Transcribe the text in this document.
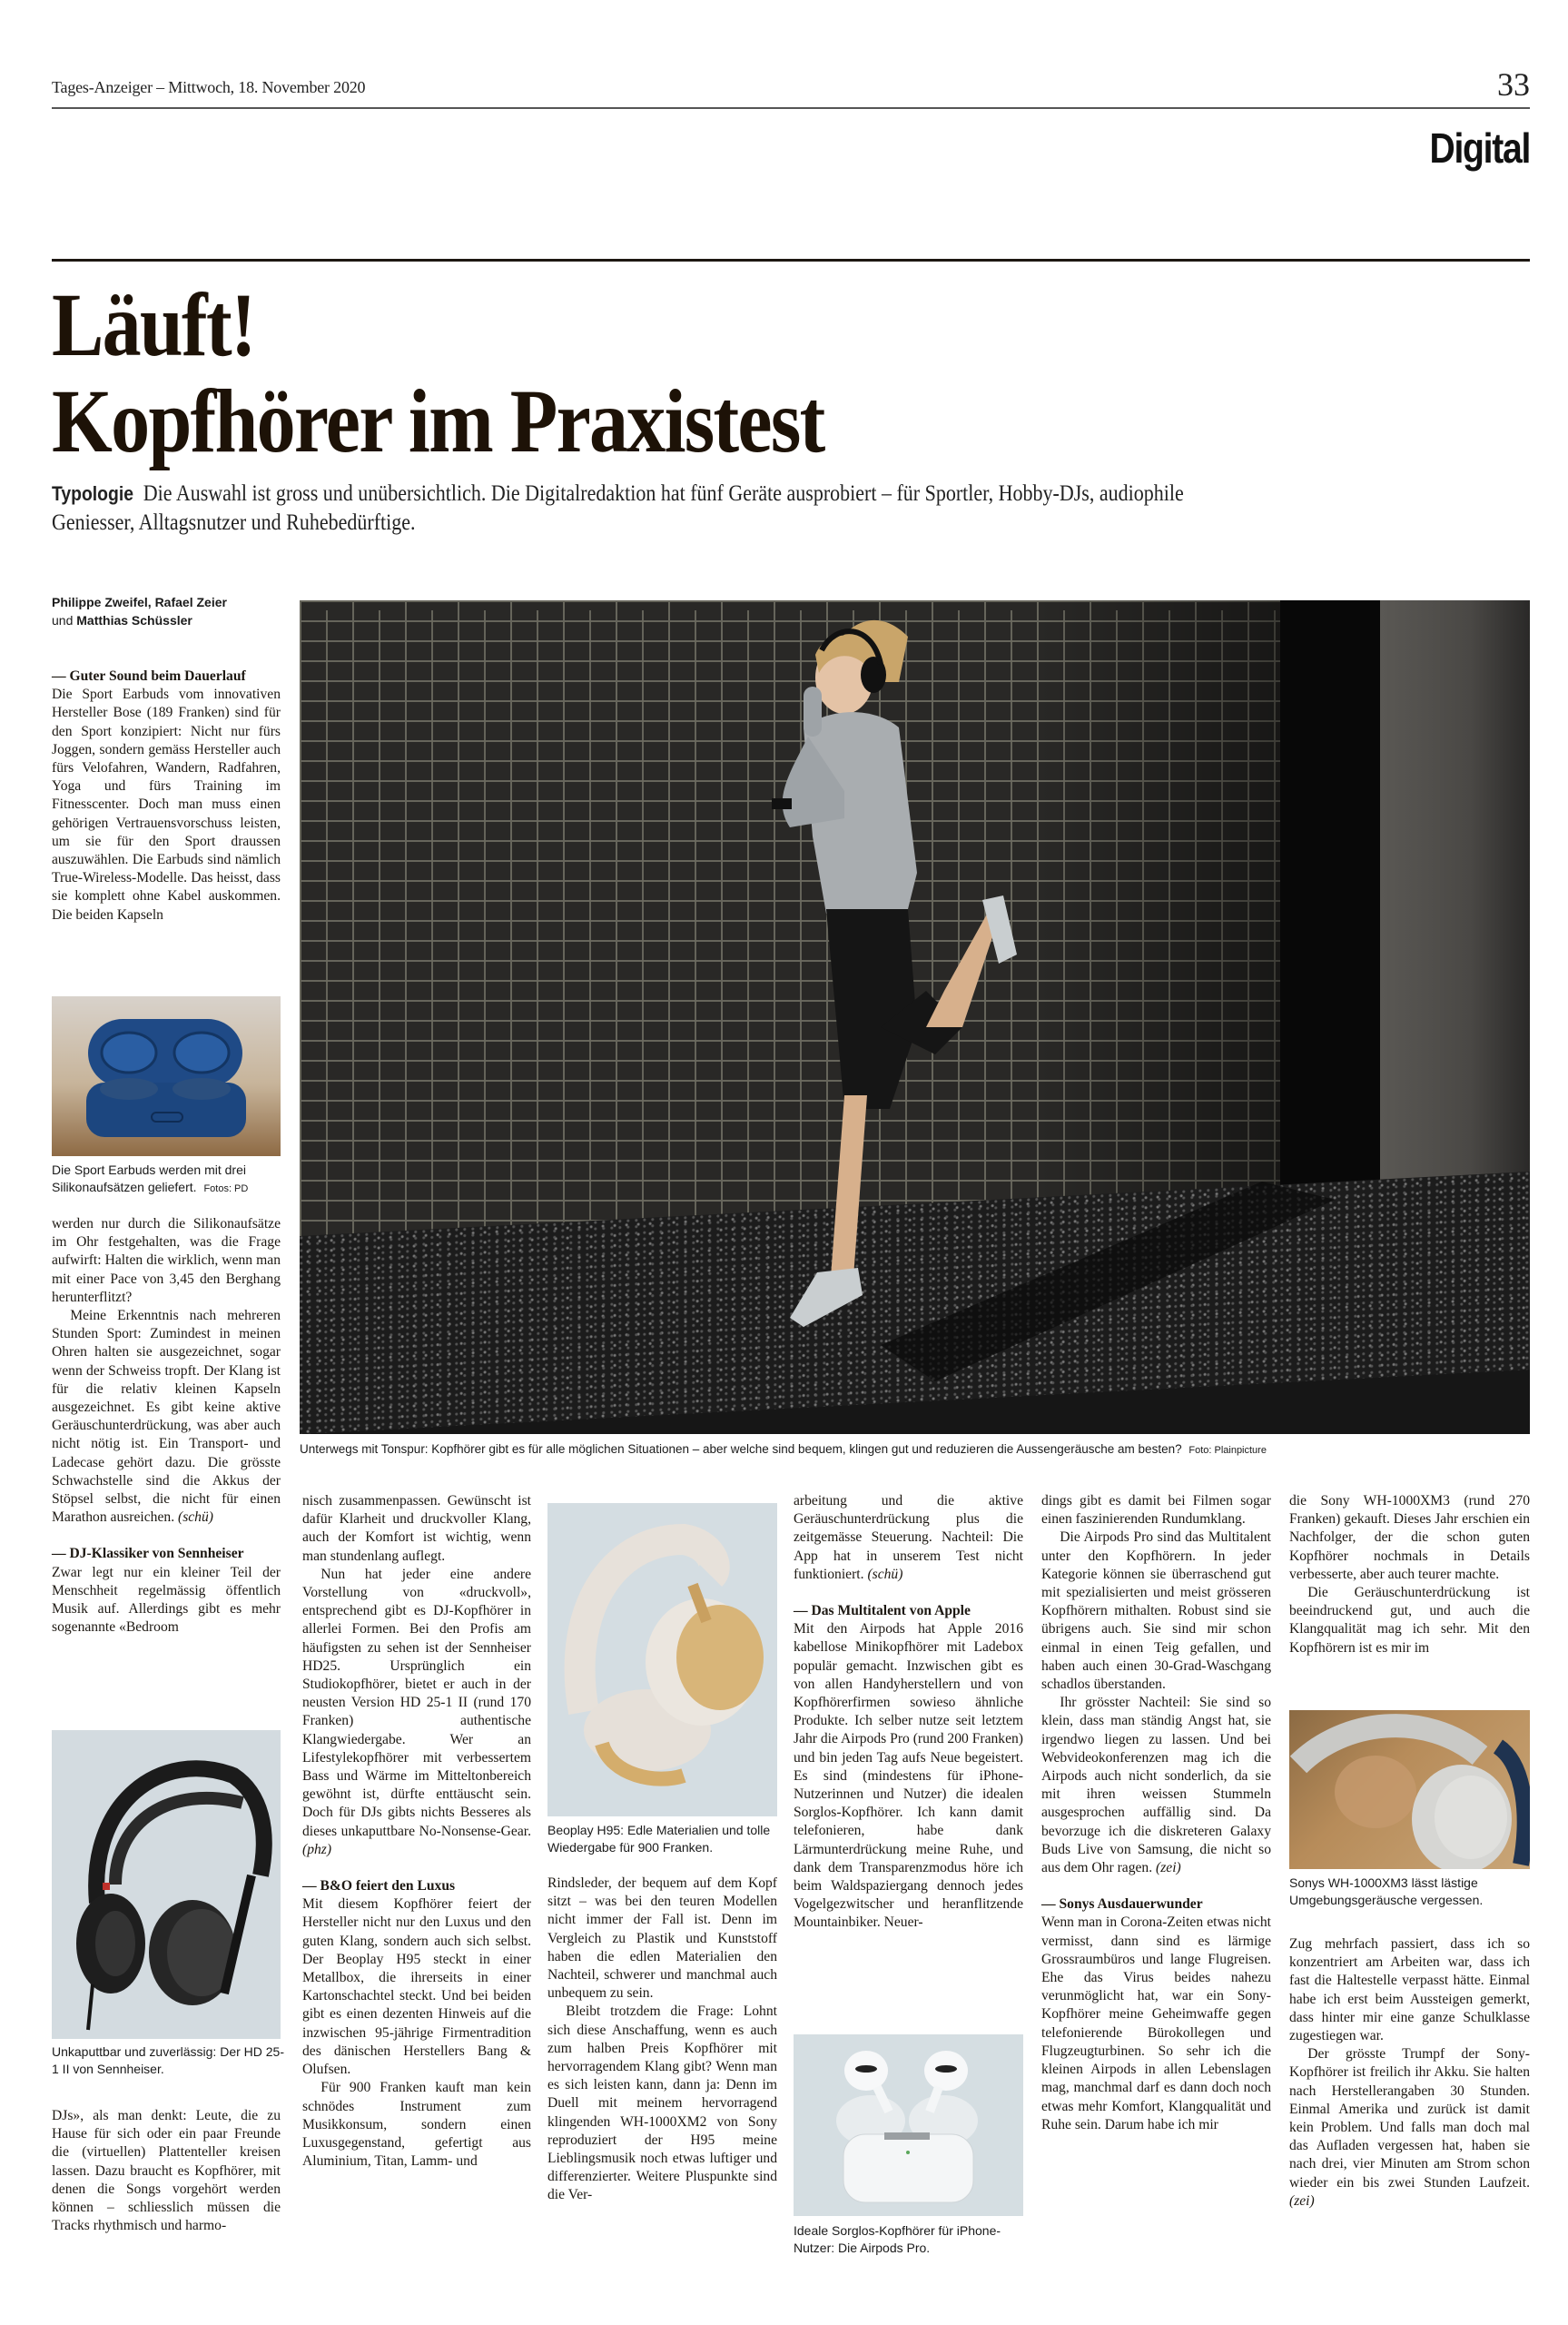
Tages-Anzeiger – Mittwoch, 18. November 2020	33
Digital
Läuft!
Kopfhörer im Praxistest
Typologie Die Auswahl ist gross und unübersichtlich. Die Digitalredaktion hat fünf Geräte ausprobiert – für Sportler, Hobby-DJs, audiophile Geniesser, Alltagsnutzer und Ruhebedürftige.
Philippe Zweifel, Rafael Zeier
und Matthias Schüssler
Unterwegs mit Tonspur: Kopfhörer gibt es für alle möglichen Situationen – aber welche sind bequem, klingen gut und reduzieren die Aussengeräusche am besten? Foto: Plainpicture
— Guter Sound beim Dauerlauf

Die Sport Earbuds vom innovativen Hersteller Bose (189 Franken) sind für den Sport konzipiert: Nicht nur fürs Joggen, sondern gemäss Hersteller auch fürs Velofahren, Wandern, Radfahren, Yoga und fürs Training im Fitnesscenter. Doch man muss einen gehörigen Vertrauensvorschuss leisten, um sie für den Sport draussen auszuwählen. Die Earbuds sind nämlich True-Wireless-Modelle. Das heisst, dass sie komplett ohne Kabel auskommen. Die beiden Kapseln

Die Sport Earbuds werden mit drei Silikonaufsätzen geliefert. Fotos: PD

werden nur durch die Silikonaufsätze im Ohr festgehalten, was die Frage aufwirft: Halten die wirklich, wenn man mit einer Pace von 3,45 den Berghang herunterflitzt?

Meine Erkenntnis nach mehreren Stunden Sport: Zumindest in meinen Ohren halten sie ausgezeichnet, sogar wenn der Schweiss tropft. Der Klang ist für die relativ kleinen Kapseln ausgezeichnet. Es gibt keine aktive Geräuschunterdrückung, was aber auch nicht nötig ist. Ein Transport- und Ladecase gehört dazu. Die grösste Schwachstelle sind die Akkus der Stöpsel selbst, die nicht für einen Marathon ausreichen. (schü)

— DJ-Klassiker von Sennheiser

Zwar legt nur ein kleiner Teil der Menschheit regelmässig öffentlich Musik auf. Allerdings gibt es mehr sogenannte «Bedroom

Unkaputtbar und zuverlässig: Der HD 25-1 II von Sennheiser.

DJs», als man denkt: Leute, die zu Hause für sich oder ein paar Freunde die (virtuellen) Plattenteller kreisen lassen. Dazu braucht es Kopfhörer, mit denen die Songs vorgehört werden können – schliesslich müssen die Tracks rhythmisch und harmo-

nisch zusammenpassen. Gewünscht ist dafür Klarheit und druckvoller Klang, auch der Komfort ist wichtig, wenn man stundenlang auflegt.

Nun hat jeder eine andere Vorstellung von «druckvoll», entsprechend gibt es DJ-Kopfhörer in allerlei Formen. Bei den Profis am häufigsten zu sehen ist der Sennheiser HD25. Ursprünglich ein Studiokopfhörer, bietet er auch in der neusten Version HD 25-1 II (rund 170 Franken) authentische Klangwiedergabe. Wer an Lifestylekopfhörer mit verbessertem Bass und Wärme im Mitteltonbereich gewöhnt ist, dürfte enttäuscht sein. Doch für DJs gibts nichts Besseres als dieses unkaputtbare No-Nonsense-Gear. (phz)

— B&O feiert den Luxus

Mit diesem Kopfhörer feiert der Hersteller nicht nur den Luxus und den guten Klang, sondern auch sich selbst. Der Beoplay H95 steckt in einer Metallbox, die ihrerseits in einer Kartonschachtel steckt. Und bei beiden gibt es einen dezenten Hinweis auf die inzwischen 95-jährige Firmentradition des dänischen Herstellers Bang & Olufsen.

Für 900 Franken kauft man kein schnödes Instrument zum Musikkonsum, sondern einen Luxusgegenstand, gefertigt aus Aluminium, Titan, Lamm- und

Beoplay H95: Edle Materialien und tolle Wiedergabe für 900 Franken.

Rindsleder, der bequem auf dem Kopf sitzt – was bei den teuren Modellen nicht immer der Fall ist. Denn im Vergleich zu Plastik und Kunststoff haben die edlen Materialien den Nachteil, schwerer und manchmal auch unbequem zu sein.

Bleibt trotzdem die Frage: Lohnt sich diese Anschaffung, wenn es auch zum halben Preis Kopfhörer mit hervorragendem Klang gibt? Wenn man es sich leisten kann, dann ja: Denn im Duell mit meinem hervorragend klingenden WH-1000XM2 von Sony reproduziert der H95 meine Lieblingsmusik noch etwas luftiger und differenzierter. Weitere Pluspunkte sind die Ver-

arbeitung und die aktive Geräuschunterdrückung plus die zeitgemässe Steuerung. Nachteil: Die App hat in unserem Test nicht funktioniert. (schü)

— Das Multitalent von Apple

Mit den Airpods hat Apple 2016 kabellose Minikopfhörer mit Ladebox populär gemacht. Inzwischen gibt es von allen Handyherstellern und von Kopfhörerfirmen sowieso ähnliche Produkte. Ich selber nutze seit letztem Jahr die Airpods Pro (rund 200 Franken) und bin jeden Tag aufs Neue begeistert. Es sind (mindestens für iPhone-Nutzerinnen und Nutzer) die idealen Sorglos-Kopfhörer. Ich kann damit telefonieren, habe dank Lärmunterdrückung meine Ruhe, und dank dem Transparenzmodus höre ich beim Waldspaziergang dennoch jedes Vogelgezwitscher und heranflitzende Mountainbiker. Neuer-

Ideale Sorglos-Kopfhörer für iPhone-Nutzer: Die Airpods Pro.

dings gibt es damit bei Filmen sogar einen faszinierenden Rundumklang.

Die Airpods Pro sind das Multitalent unter den Kopfhörern. In jeder Kategorie können sie überraschend gut mit spezialisierten und meist grösseren Kopfhörern mithalten. Robust sind sie übrigens auch. Sie sind mir schon einmal in einen Teig gefallen, und haben auch einen 30-Grad-Waschgang schadlos überstanden.

Ihr grösster Nachteil: Sie sind so klein, dass man ständig Angst hat, sie irgendwo liegen zu lassen. Und bei Webvideokonferenzen mag ich die Airpods auch nicht sonderlich, da sie mit ihren weissen Stummeln ausgesprochen auffällig sind. Da bevorzuge ich die diskreteren Galaxy Buds Live von Samsung, die nicht so aus dem Ohr ragen. (zei)

— Sonys Ausdauerwunder

Wenn man in Corona-Zeiten etwas nicht vermisst, dann sind es lärmige Grossraumbüros und lange Flugreisen. Ehe das Virus beides nahezu verunmöglicht hat, war ein Sony-Kopfhörer meine Geheimwaffe gegen telefonierende Bürokollegen und Flugzeugturbinen. So sehr ich die kleinen Airpods in allen Lebenslagen mag, manchmal darf es dann doch noch etwas mehr Komfort, Klangqualität und Ruhe sein. Darum habe ich mir

die Sony WH-1000XM3 (rund 270 Franken) gekauft. Dieses Jahr erschien ein Nachfolger, der die schon guten Kopfhörer nochmals in Details verbesserte, aber auch teurer machte.

Die Geräuschunterdrückung ist beeindruckend gut, und auch die Klangqualität mag ich sehr. Mit den Kopfhörern ist es mir im

Sonys WH-1000XM3 lässt lästige Umgebungsgeräusche vergessen.

Zug mehrfach passiert, dass ich so konzentriert am Arbeiten war, dass ich fast die Haltestelle verpasst hätte. Einmal habe ich erst beim Aussteigen gemerkt, dass hinter mir eine ganze Schulklasse zugestiegen war.

Der grösste Trumpf der Sony-Kopfhörer ist freilich ihr Akku. Sie halten nach Herstellerangaben 30 Stunden. Einmal Amerika und zurück ist damit kein Problem. Und falls man doch mal das Aufladen vergessen hat, haben sie nach drei, vier Minuten am Strom schon wieder ein bis zwei Stunden Laufzeit. (zei)
